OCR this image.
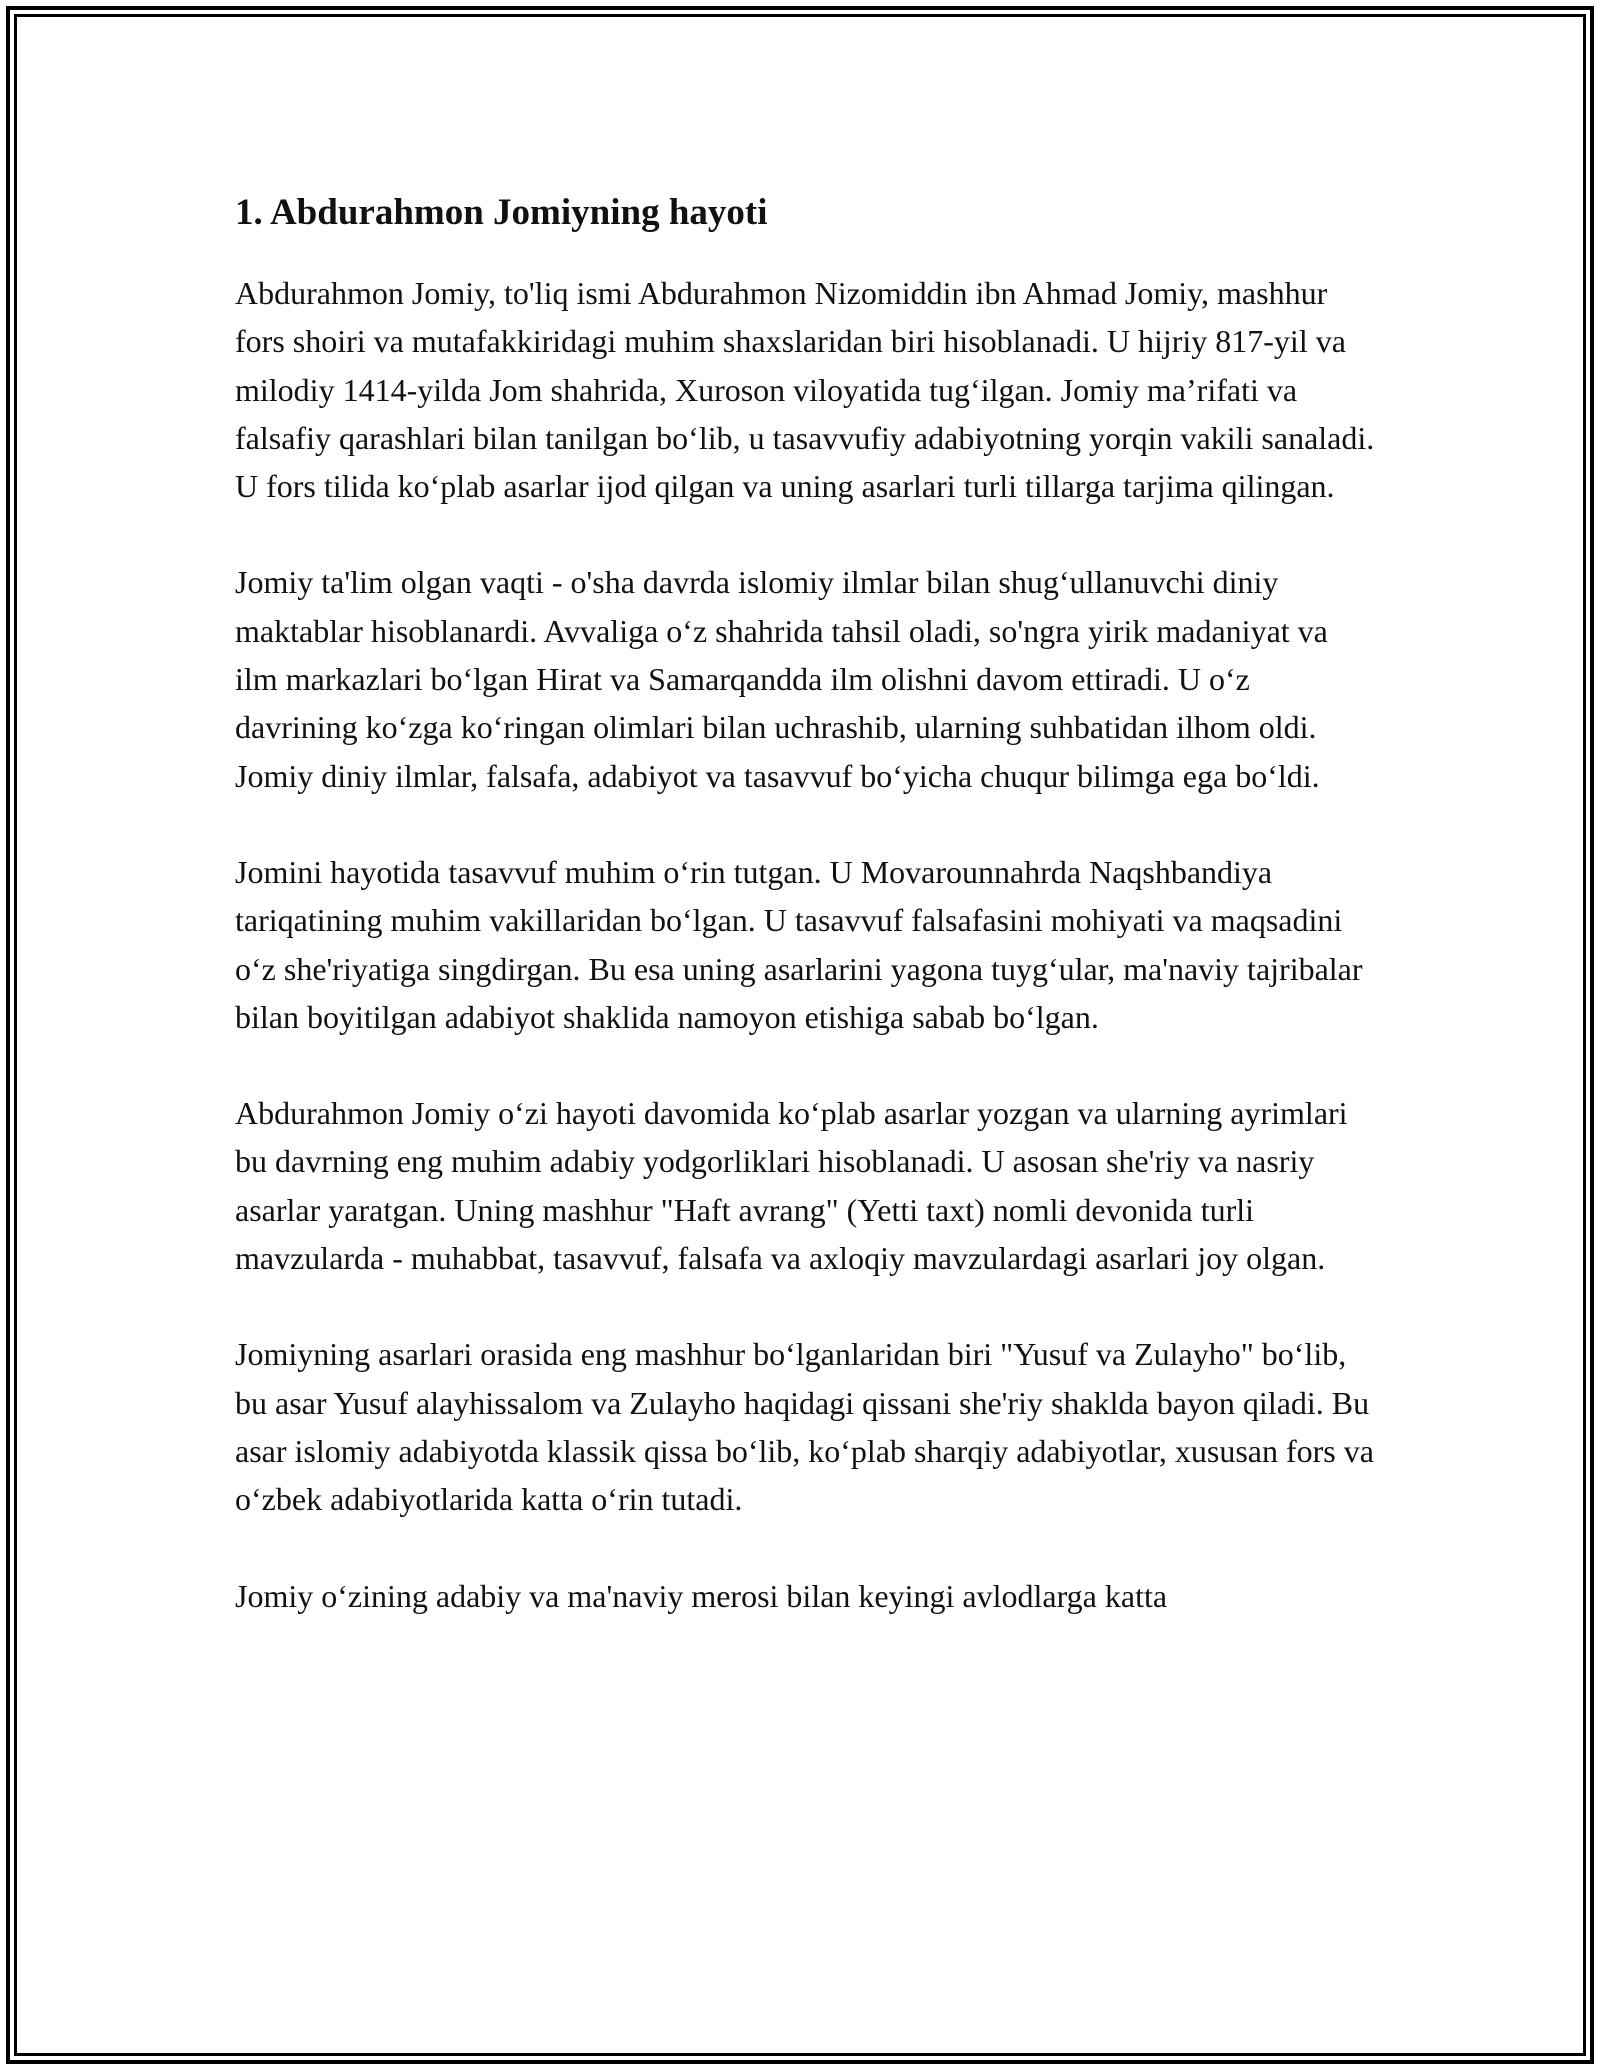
1. Abdurahmon Jomiyning hayoti

Abdurahmon Jomiy, to'liq ismi Abdurahmon Nizomiddin ibn Ahmad Jomiy, mashhur fors shoiri va mutafakkiridagi muhim shaxslaridan biri hisoblanadi. U hijriy 817-yil va milodiy 1414-yilda Jom shahrida, Xuroson viloyatida tug‘ilgan. Jomiy ma’rifati va falsafiy qarashlari bilan tanilgan bo‘lib, u tasavvufiy adabiyotning yorqin vakili sanaladi. U fors tilida ko‘plab asarlar ijod qilgan va uning asarlari turli tillarga tarjima qilingan.

Jomiy ta'lim olgan vaqti - o'sha davrda islomiy ilmlar bilan shug‘ullanuvchi diniy maktablar hisoblanardi. Avvaliga o‘z shahrida tahsil oladi, so'ngra yirik madaniyat va ilm markazlari bo‘lgan Hirat va Samarqandda ilm olishni davom ettiradi. U o‘z davrining ko‘zga ko‘ringan olimlari bilan uchrashib, ularning suhbatidan ilhom oldi. Jomiy diniy ilmlar, falsafa, adabiyot va tasavvuf bo‘yicha chuqur bilimga ega bo‘ldi.

Jomini hayotida tasavvuf muhim o‘rin tutgan. U Movarounnahrda Naqshbandiya tariqatining muhim vakillaridan bo‘lgan. U tasavvuf falsafasini mohiyati va maqsadini o‘z she'riyatiga singdirgan. Bu esa uning asarlarini yagona tuyg‘ular, ma'naviy tajribalar bilan boyitilgan adabiyot shaklida namoyon etishiga sabab bo‘lgan.

Abdurahmon Jomiy o‘zi hayoti davomida ko‘plab asarlar yozgan va ularning ayrimlari bu davrning eng muhim adabiy yodgorliklari hisoblanadi. U asosan she'riy va nasriy asarlar yaratgan. Uning mashhur "Haft avrang" (Yetti taxt) nomli devonida turli mavzularda - muhabbat, tasavvuf, falsafa va axloqiy mavzulardagi asarlari joy olgan.

Jomiyning asarlari orasida eng mashhur bo‘lganlaridan biri "Yusuf va Zulayho" bo‘lib, bu asar Yusuf alayhissalom va Zulayho haqidagi qissani she'riy shaklda bayon qiladi. Bu asar islomiy adabiyotda klassik qissa bo‘lib, ko‘plab sharqiy adabiyotlar, xususan fors va o‘zbek adabiyotlarida katta o‘rin tutadi.

Jomiy o‘zining adabiy va ma'naviy merosi bilan keyingi avlodlarga katta
